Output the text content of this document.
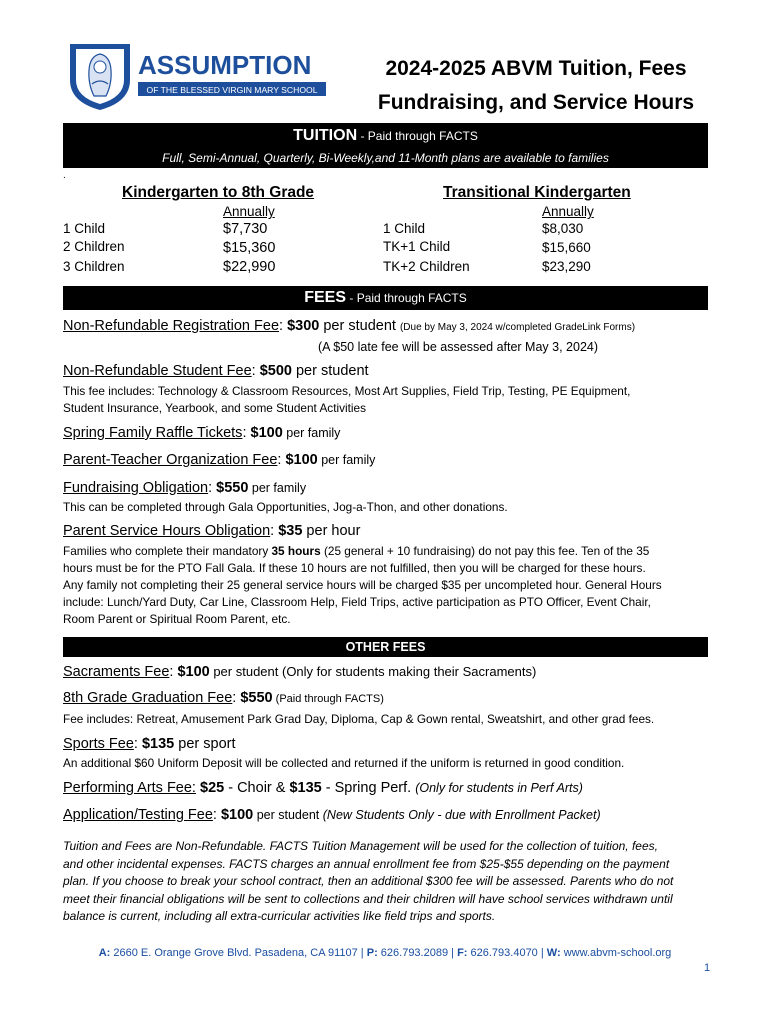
ASSUMPTION
OF THE BLESSED VIRGIN MARY SCHOOL
2024-2025 ABVM Tuition, Fees
Fundraising, and Service Hours
TUITION - Paid through FACTS
Full, Semi-Annual, Quarterly, Bi-Weekly,and 11-Month plans are available to families
.
Kindergarten to 8th Grade
Annually
1 Child	$7,730
2 Children	$15,360
3 Children	$22,990
Transitional Kindergarten
Annually
1 Child	$8,030
TK+1 Child	$15,660
TK+2 Children	$23,290
FEES - Paid through FACTS
Non-Refundable Registration Fee: $300 per student (Due by May 3, 2024 w/completed GradeLink Forms)
(A $50 late fee will be assessed after May 3, 2024)
Non-Refundable Student Fee: $500 per student
This fee includes: Technology & Classroom Resources, Most Art Supplies, Field Trip, Testing, PE Equipment,
Student Insurance, Yearbook, and some Student Activities
Spring Family Raffle Tickets: $100 per family
Parent-Teacher Organization Fee: $100 per family
Fundraising Obligation: $550 per family
This can be completed through Gala Opportunities, Jog-a-Thon, and other donations.
Parent Service Hours Obligation: $35 per hour
Families who complete their mandatory 35 hours (25 general + 10 fundraising) do not pay this fee. Ten of the 35
hours must be for the PTO Fall Gala. If these 10 hours are not fulfilled, then you will be charged for these hours.
Any family not completing their 25 general service hours will be charged $35 per uncompleted hour. General Hours
include: Lunch/Yard Duty, Car Line, Classroom Help, Field Trips, active participation as PTO Officer, Event Chair,
Room Parent or Spiritual Room Parent, etc.
OTHER FEES
Sacraments Fee: $100 per student (Only for students making their Sacraments)
8th Grade Graduation Fee: $550 (Paid through FACTS)
Fee includes: Retreat, Amusement Park Grad Day, Diploma, Cap & Gown rental, Sweatshirt, and other grad fees.
Sports Fee: $135 per sport
An additional $60 Uniform Deposit will be collected and returned if the uniform is returned in good condition.
Performing Arts Fee: $25 - Choir & $135 - Spring Perf. (Only for students in Perf Arts)
Application/Testing Fee: $100 per student (New Students Only - due with Enrollment Packet)
Tuition and Fees are Non-Refundable. FACTS Tuition Management will be used for the collection of tuition, fees,
and other incidental expenses. FACTS charges an annual enrollment fee from $25-$55 depending on the payment
plan. If you choose to break your school contract, then an additional $300 fee will be assessed. Parents who do not
meet their financial obligations will be sent to collections and their children will have school services withdrawn until
balance is current, including all extra-curricular activities like field trips and sports.
A: 2660 E. Orange Grove Blvd. Pasadena, CA 91107 | P: 626.793.2089 | F: 626.793.4070 | W: www.abvm-school.org
1
